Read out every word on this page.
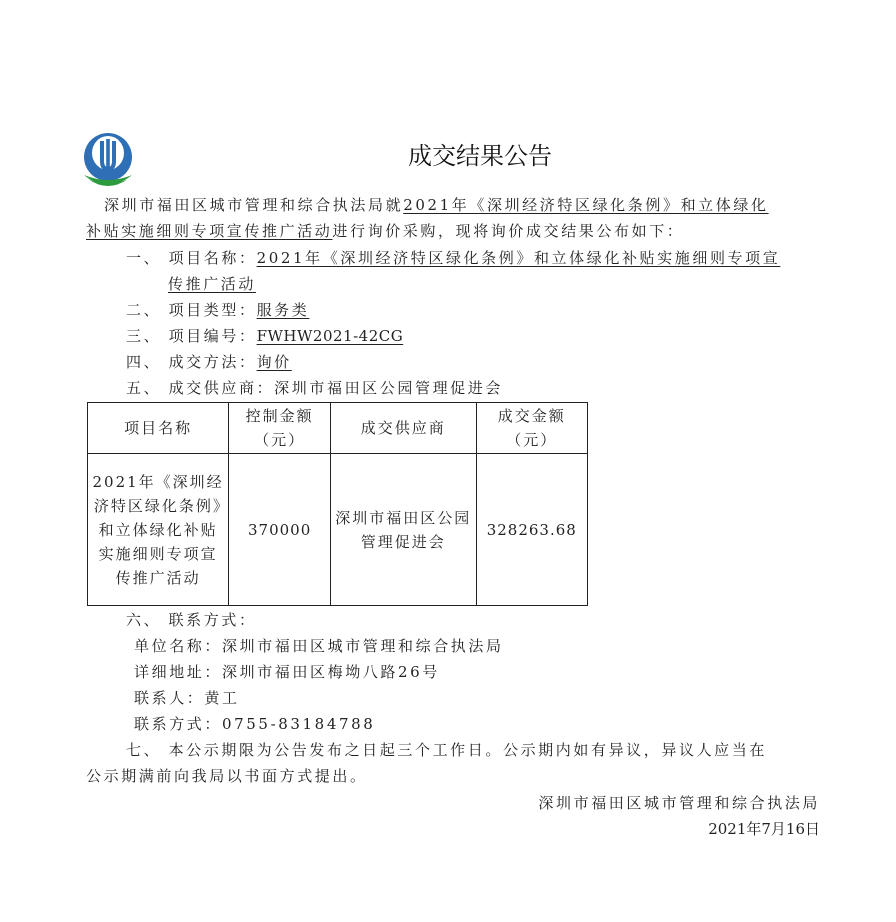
成交结果公告
深圳市福田区城市管理和综合执法局就2021年《深圳经济特区绿化条例》和立体绿化
补贴实施细则专项宣传推广活动进行询价采购，现将询价成交结果公布如下：
一、 项目名称：2021年《深圳经济特区绿化条例》和立体绿化补贴实施细则专项宣
传推广活动
二、 项目类型：服务类
三、 项目编号：FWHW2021-42CG
四、 成交方法：询价
五、 成交供应商：深圳市福田区公园管理促进会
项目名称	控制金额（元）	成交供应商	成交金额（元）
2021年《深圳经济特区绿化条例》和立体绿化补贴实施细则专项宣传推广活动	370000	深圳市福田区公园管理促进会	328263.68
六、 联系方式：
单位名称：深圳市福田区城市管理和综合执法局
详细地址：深圳市福田区梅坳八路26号
联系人：黄工
联系方式：0755-83184788
七、 本公示期限为公告发布之日起三个工作日。公示期内如有异议，异议人应当在
公示期满前向我局以书面方式提出。
深圳市福田区城市管理和综合执法局
2021年7月16日
